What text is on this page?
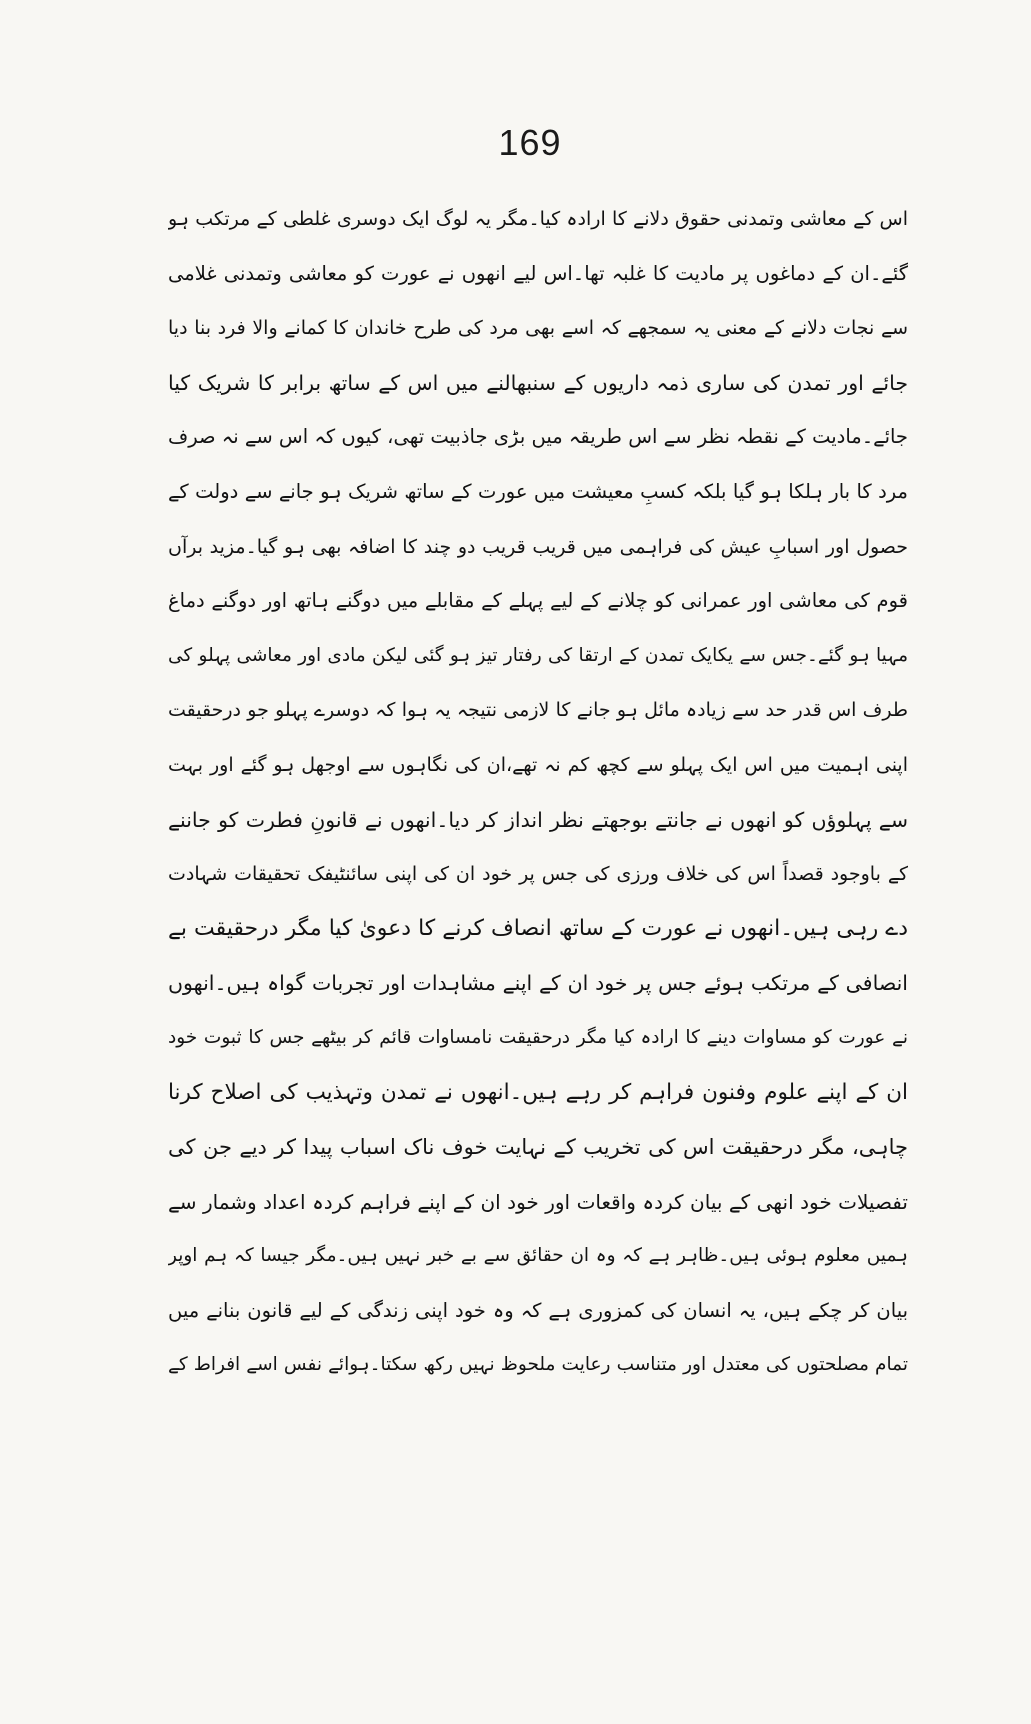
169
اس کے معاشی وتمدنی حقوق دلانے کا ارادہ کیا۔مگر یہ لوگ ایک دوسری غلطی کے مرتکب ہو
گئے۔ان کے دماغوں پر مادیت کا غلبہ تھا۔اس لیے انھوں نے عورت کو معاشی وتمدنی غلامی
سے نجات دلانے کے معنی یہ سمجھے کہ اسے بھی مرد کی طرح خاندان کا کمانے والا فرد بنا دیا
جائے اور تمدن کی ساری ذمہ داریوں کے سنبھالنے میں اس کے ساتھ برابر کا شریک کیا
جائے۔مادیت کے نقطہ نظر سے اس طریقہ میں بڑی جاذبیت تھی، کیوں کہ اس سے نہ صرف
مرد کا بار ہلکا ہو گیا بلکہ کسبِ معیشت میں عورت کے ساتھ شریک ہو جانے سے دولت کے
حصول اور اسبابِ عیش کی فراہمی میں قریب قریب دو چند کا اضافہ بھی ہو گیا۔مزید برآں
قوم کی معاشی اور عمرانی کو چلانے کے لیے پہلے کے مقابلے میں دوگنے ہاتھ اور دوگنے دماغ
مہیا ہو گئے۔جس سے یکایک تمدن کے ارتقا کی رفتار تیز ہو گئی لیکن مادی اور معاشی پہلو کی
طرف اس قدر حد سے زیادہ مائل ہو جانے کا لازمی نتیجہ یہ ہوا کہ دوسرے پہلو جو درحقیقت
اپنی اہمیت میں اس ایک پہلو سے کچھ کم نہ تھے،ان کی نگاہوں سے اوجھل ہو گئے اور بہت
سے پہلوؤں کو انھوں نے جانتے بوجھتے نظر انداز کر دیا۔انھوں نے قانونِ فطرت کو جاننے
کے باوجود قصداً اس کی خلاف ورزی کی جس پر خود ان کی اپنی سائنٹیفک تحقیقات شہادت
دے رہی ہیں۔انھوں نے عورت کے ساتھ انصاف کرنے کا دعویٰ کیا مگر درحقیقت بے
انصافی کے مرتکب ہوئے جس پر خود ان کے اپنے مشاہدات اور تجربات گواہ ہیں۔انھوں
نے عورت کو مساوات دینے کا ارادہ کیا مگر درحقیقت نامساوات قائم کر بیٹھے جس کا ثبوت خود
ان کے اپنے علوم وفنون فراہم کر رہے ہیں۔انھوں نے تمدن وتہذیب کی اصلاح کرنا
چاہی، مگر درحقیقت اس کی تخریب کے نہایت خوف ناک اسباب پیدا کر دیے جن کی
تفصیلات خود انھی کے بیان کردہ واقعات اور خود ان کے اپنے فراہم کردہ اعداد وشمار سے
ہمیں معلوم ہوئی ہیں۔ظاہر ہے کہ وہ ان حقائق سے بے خبر نہیں ہیں۔مگر جیسا کہ ہم اوپر
بیان کر چکے ہیں، یہ انسان کی کمزوری ہے کہ وہ خود اپنی زندگی کے لیے قانون بنانے میں
تمام مصلحتوں کی معتدل اور متناسب رعایت ملحوظ نہیں رکھ سکتا۔ہوائے نفس اسے افراط کے
